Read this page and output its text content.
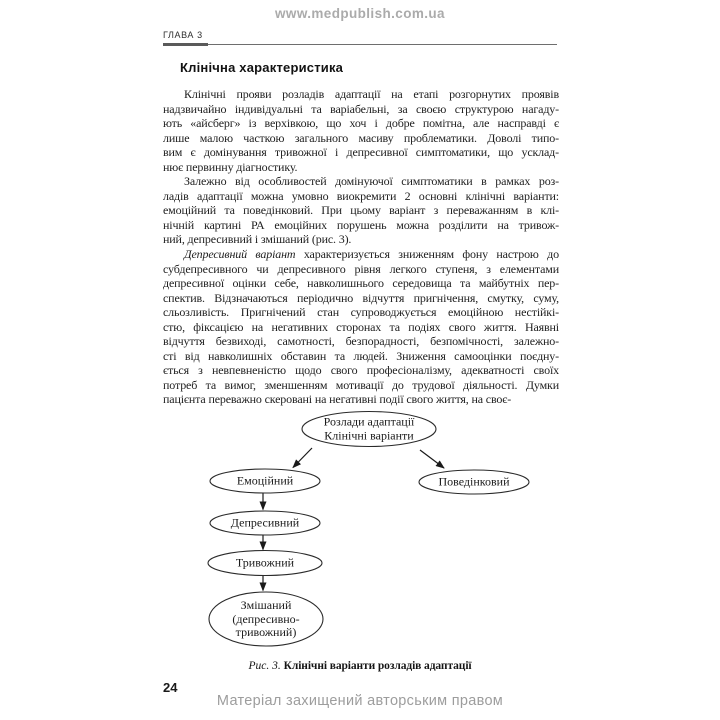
www.medpublish.com.ua
ГЛАВА 3
Клінічна характеристика
Клінічні прояви розладів адаптації на етапі розгорнутих проявів
надзвичайно індивідуальні та варіабельні, за своєю структурою нагаду-
ють «айсберг» із верхівкою, що хоч і добре помітна, але насправді є
лише малою часткою загального масиву проблематики. Доволі типо-
вим є домінування тривожної і депресивної симптоматики, що усклад-
нює первинну діагностику.
Залежно від особливостей домінуючої симптоматики в рамках роз-
ладів адаптації можна умовно виокремити 2 основні клінічні варіанти:
емоційний та поведінковий. При цьому варіант з переважанням в клі-
нічній картині РА емоційних порушень можна розділити на тривож-
ний, депресивний і змішаний (рис. 3).
Депресивний варіант характеризується зниженням фону настрою до
субдепресивного чи депресивного рівня легкого ступеня, з елементами
депресивної оцінки себе, навколишнього середовища та майбутніх пер-
спектив. Відзначаються періодично відчуття пригнічення, смутку, суму,
сльозливість. Пригнічений стан супроводжується емоційною нестійкі-
стю, фіксацією на негативних сторонах та подіях свого життя. Наявні
відчуття безвиході, самотності, безпорадності, безпомічності, залежно-
сті від навколишніх обставин та людей. Зниження самооцінки поєдну-
ється з невпевненістю щодо свого професіоналізму, адекватності своїх
потреб та вимог, зменшенням мотивації до трудової діяльності. Думки
пацієнта переважно скеровані на негативні події свого життя, на своє-
Розлади адаптації
Клінічні варіанти
Емоційний	Поведінковий
Депресивний
Тривожний
Змішаний
(депресивно-
тривожний)
Рис. 3. Клінічні варіанти розладів адаптації
24
Матеріал захищений авторським правом
